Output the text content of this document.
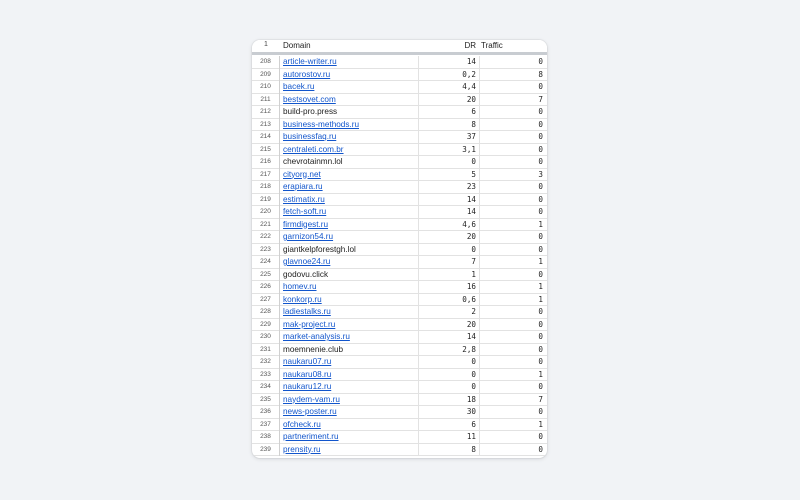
1	Domain	DR Traffic
208	article-writer.ru	14	0
209	autorostov.ru	0,2	8
210	bacek.ru	4,4	0
211	bestsovet.com	20	7
212	build-pro.press	6	0
213	business-methods.ru	8	0
214	businessfaq.ru	37	0
215	centraleti.com.br	3,1	0
216	chevrotainmn.lol	0	0
217	cityorg.net	5	3
218	erapiara.ru	23	0
219	estimatix.ru	14	0
220	fetch-soft.ru	14	0
221	firmdigest.ru	4,6	1
222	garnizon54.ru	20	0
223	giantkelpforestgh.lol	0	0
224	glavnoe24.ru	7	1
225	godovu.click	1	0
226	homev.ru	16	1
227	konkorp.ru	0,6	1
228	ladiestalks.ru	2	0
229	mak-project.ru	20	0
230	market-analysis.ru	14	0
231	moemnenie.club	2,8	0
232	naukaru07.ru	0	0
233	naukaru08.ru	0	1
234	naukaru12.ru	0	0
235	naydem-vam.ru	18	7
236	news-poster.ru	30	0
237	ofcheck.ru	6	1
238	partneriment.ru	11	0
239	prensity.ru	8	0
